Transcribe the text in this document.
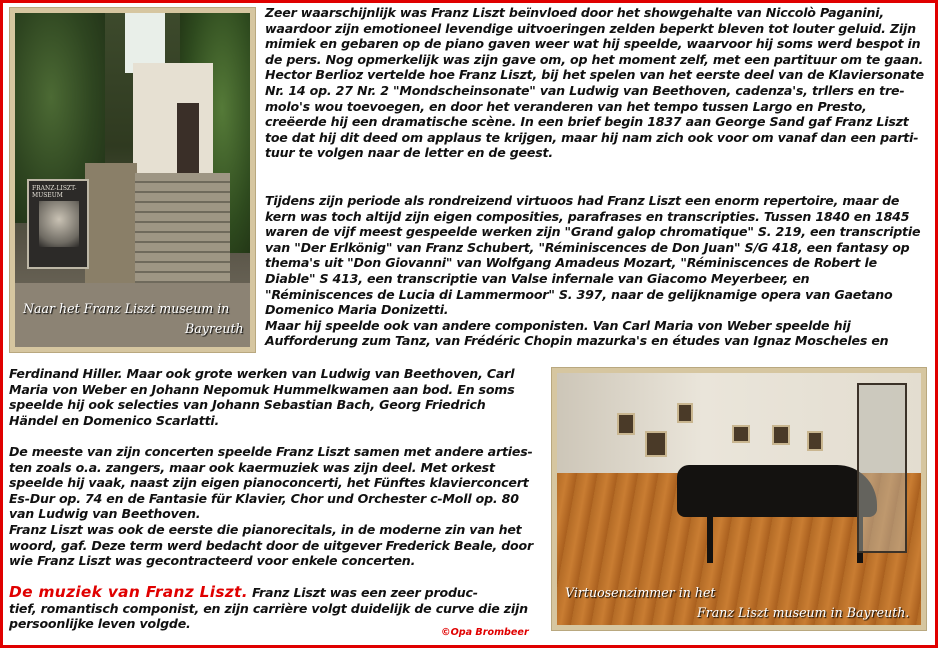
FRANZ-LISZT-MUSEUM
Naar het Franz Liszt museum in
Bayreuth
Zeer waarschijnlijk was Franz Liszt beïnvloed door het showgehalte van Niccolò Paganini,
waardoor zijn emotioneel levendige uitvoeringen zelden beperkt bleven tot louter geluid. Zijn
mimiek en gebaren op de piano gaven weer wat hij speelde, waarvoor hij soms werd bespot in
de pers. Nog opmerkelijk was zijn gave om, op het moment zelf, met een partituur om te gaan.
Hector Berlioz vertelde hoe Franz Liszt, bij het spelen van het eerste deel van de Klaviersonate
Nr. 14 op. 27 Nr. 2 "Mondscheinsonate" van Ludwig van Beethoven, cadenza's, trllers en tre-
molo's wou toevoegen, en door het veranderen van het tempo tussen Largo en Presto,
creëerde hij een dramatische scène. In een brief begin 1837 aan George Sand gaf Franz Liszt
toe dat hij dit deed om applaus te krijgen, maar hij nam zich ook voor om vanaf dan een parti-
tuur te volgen naar de letter en de geest.
Tijdens zijn periode als rondreizend virtuoos had Franz Liszt een enorm repertoire, maar de
kern was toch altijd zijn eigen composities, parafrases en transcripties. Tussen 1840 en 1845
waren de vijf meest gespeelde werken zijn "Grand galop chromatique" S. 219, een transcriptie
van "Der Erlkönig" van Franz Schubert, "Réminiscences de Don Juan" S/G 418, een fantasy op
thema's uit "Don Giovanni" van Wolfgang Amadeus Mozart, "Réminiscences de Robert le
Diable" S 413, een transcriptie van Valse infernale van Giacomo Meyerbeer, en
"Réminiscences de Lucia di Lammermoor" S. 397, naar de gelijknamige opera van Gaetano
Domenico Maria Donizetti.
Maar hij speelde ook van andere componisten. Van Carl Maria von Weber speelde hij
Aufforderung zum Tanz, van Frédéric Chopin mazurka's en études van Ignaz Moscheles en
Ferdinand Hiller. Maar ook grote werken van Ludwig van Beethoven, Carl
Maria von Weber en Johann Nepomuk Hummelkwamen aan bod. En soms
speelde hij ook selecties van Johann Sebastian Bach, Georg Friedrich
Händel en Domenico Scarlatti.
De meeste van zijn concerten speelde Franz Liszt samen met andere arties-
ten zoals o.a. zangers, maar ook kaermuziek was zijn deel. Met orkest
speelde hij vaak, naast zijn eigen pianoconcerti, het Fünftes klavierconcert
Es-Dur op. 74 en de Fantasie für Klavier, Chor und Orchester c-Moll op. 80
van Ludwig van Beethoven.
Franz Liszt was ook de eerste die pianorecitals, in de moderne zin van het
woord, gaf. Deze term werd bedacht door de uitgever Frederick Beale, door
wie Franz Liszt was gecontracteerd voor enkele concerten.
De muziek van Franz Liszt. Franz Liszt was een zeer produc-
tief, romantisch componist, en zijn carrière volgt duidelijk de curve die zijn
persoonlijke leven volgde.
©Opa Brombeer
Virtuosenzimmer in het
Franz Liszt museum in Bayreuth.
